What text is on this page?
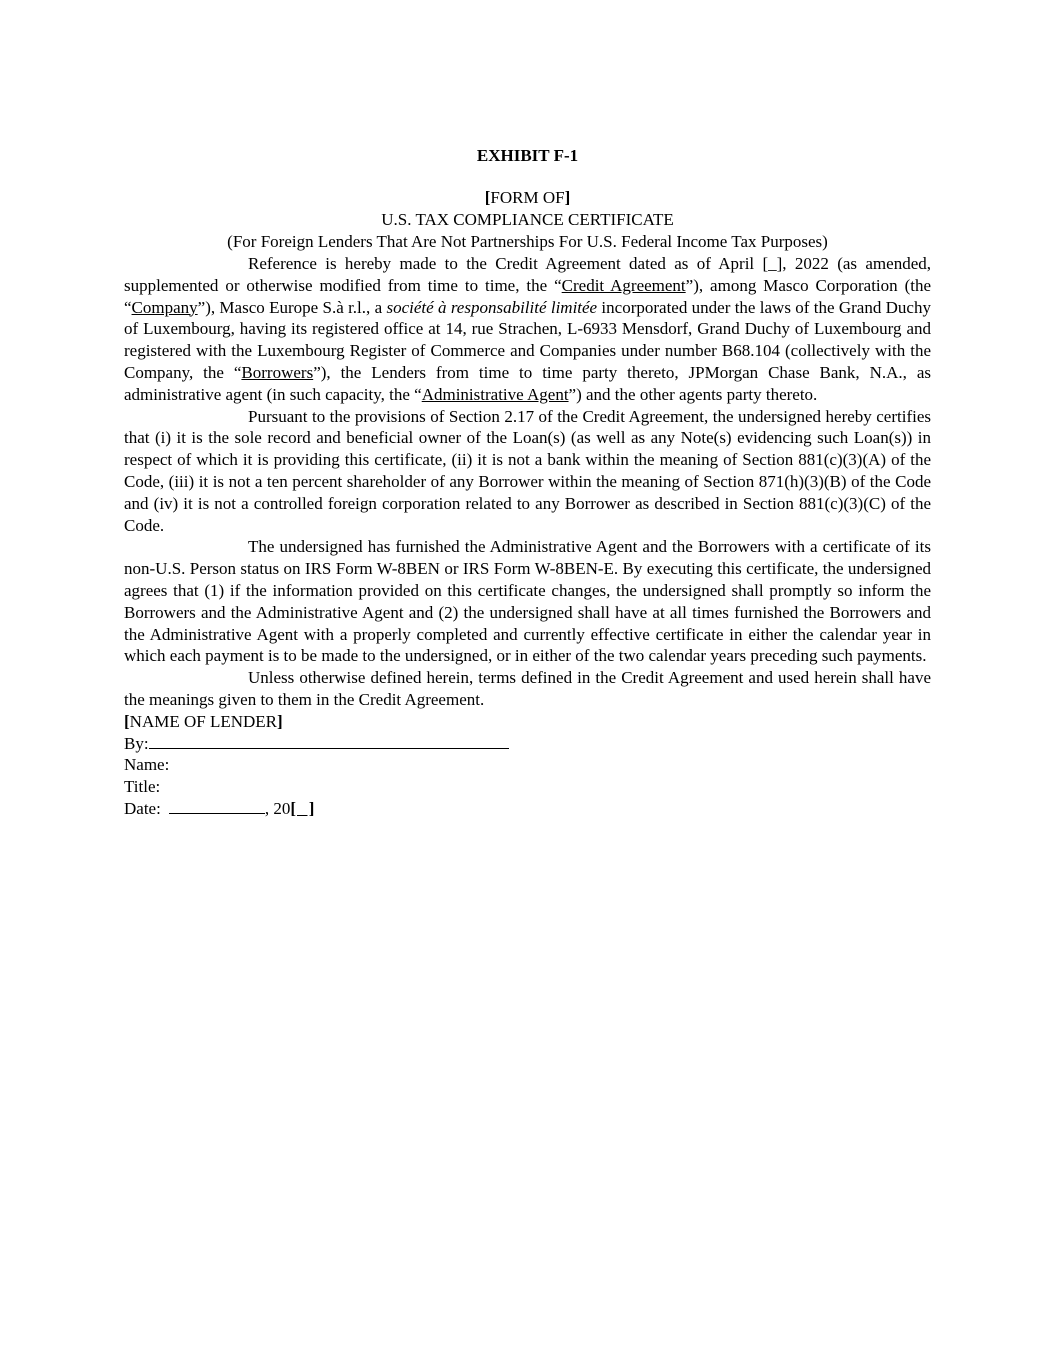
EXHIBIT F-1
[FORM OF]
U.S. TAX COMPLIANCE CERTIFICATE
(For Foreign Lenders That Are Not Partnerships For U.S. Federal Income Tax Purposes)

Reference is hereby made to the Credit Agreement dated as of April [_], 2022 (as amended, supplemented or otherwise modified from time to time, the “Credit Agreement”), among Masco Corporation (the “Company”), Masco Europe S.à r.l., a société à responsabilité limitée incorporated under the laws of the Grand Duchy of Luxembourg, having its registered office at 14, rue Strachen, L-6933 Mensdorf, Grand Duchy of Luxembourg and registered with the Luxembourg Register of Commerce and Companies under number B68.104 (collectively with the Company, the “Borrowers”), the Lenders from time to time party thereto, JPMorgan Chase Bank, N.A., as administrative agent (in such capacity, the “Administrative Agent”) and the other agents party thereto.

Pursuant to the provisions of Section 2.17 of the Credit Agreement, the undersigned hereby certifies that (i) it is the sole record and beneficial owner of the Loan(s) (as well as any Note(s) evidencing such Loan(s)) in respect of which it is providing this certificate, (ii) it is not a bank within the meaning of Section 881(c)(3)(A) of the Code, (iii) it is not a ten percent shareholder of any Borrower within the meaning of Section 871(h)(3)(B) of the Code and (iv) it is not a controlled foreign corporation related to any Borrower as described in Section 881(c)(3)(C) of the Code.

The undersigned has furnished the Administrative Agent and the Borrowers with a certificate of its non-U.S. Person status on IRS Form W-8BEN or IRS Form W-8BEN-E. By executing this certificate, the undersigned agrees that (1) if the information provided on this certificate changes, the undersigned shall promptly so inform the Borrowers and the Administrative Agent and (2) the undersigned shall have at all times furnished the Borrowers and the Administrative Agent with a properly completed and currently effective certificate in either the calendar year in which each payment is to be made to the undersigned, or in either of the two calendar years preceding such payments.

Unless otherwise defined herein, terms defined in the Credit Agreement and used herein shall have the meanings given to them in the Credit Agreement.

[NAME OF LENDER]
By:
Name:
Title:
Date:	, 20[   ]
